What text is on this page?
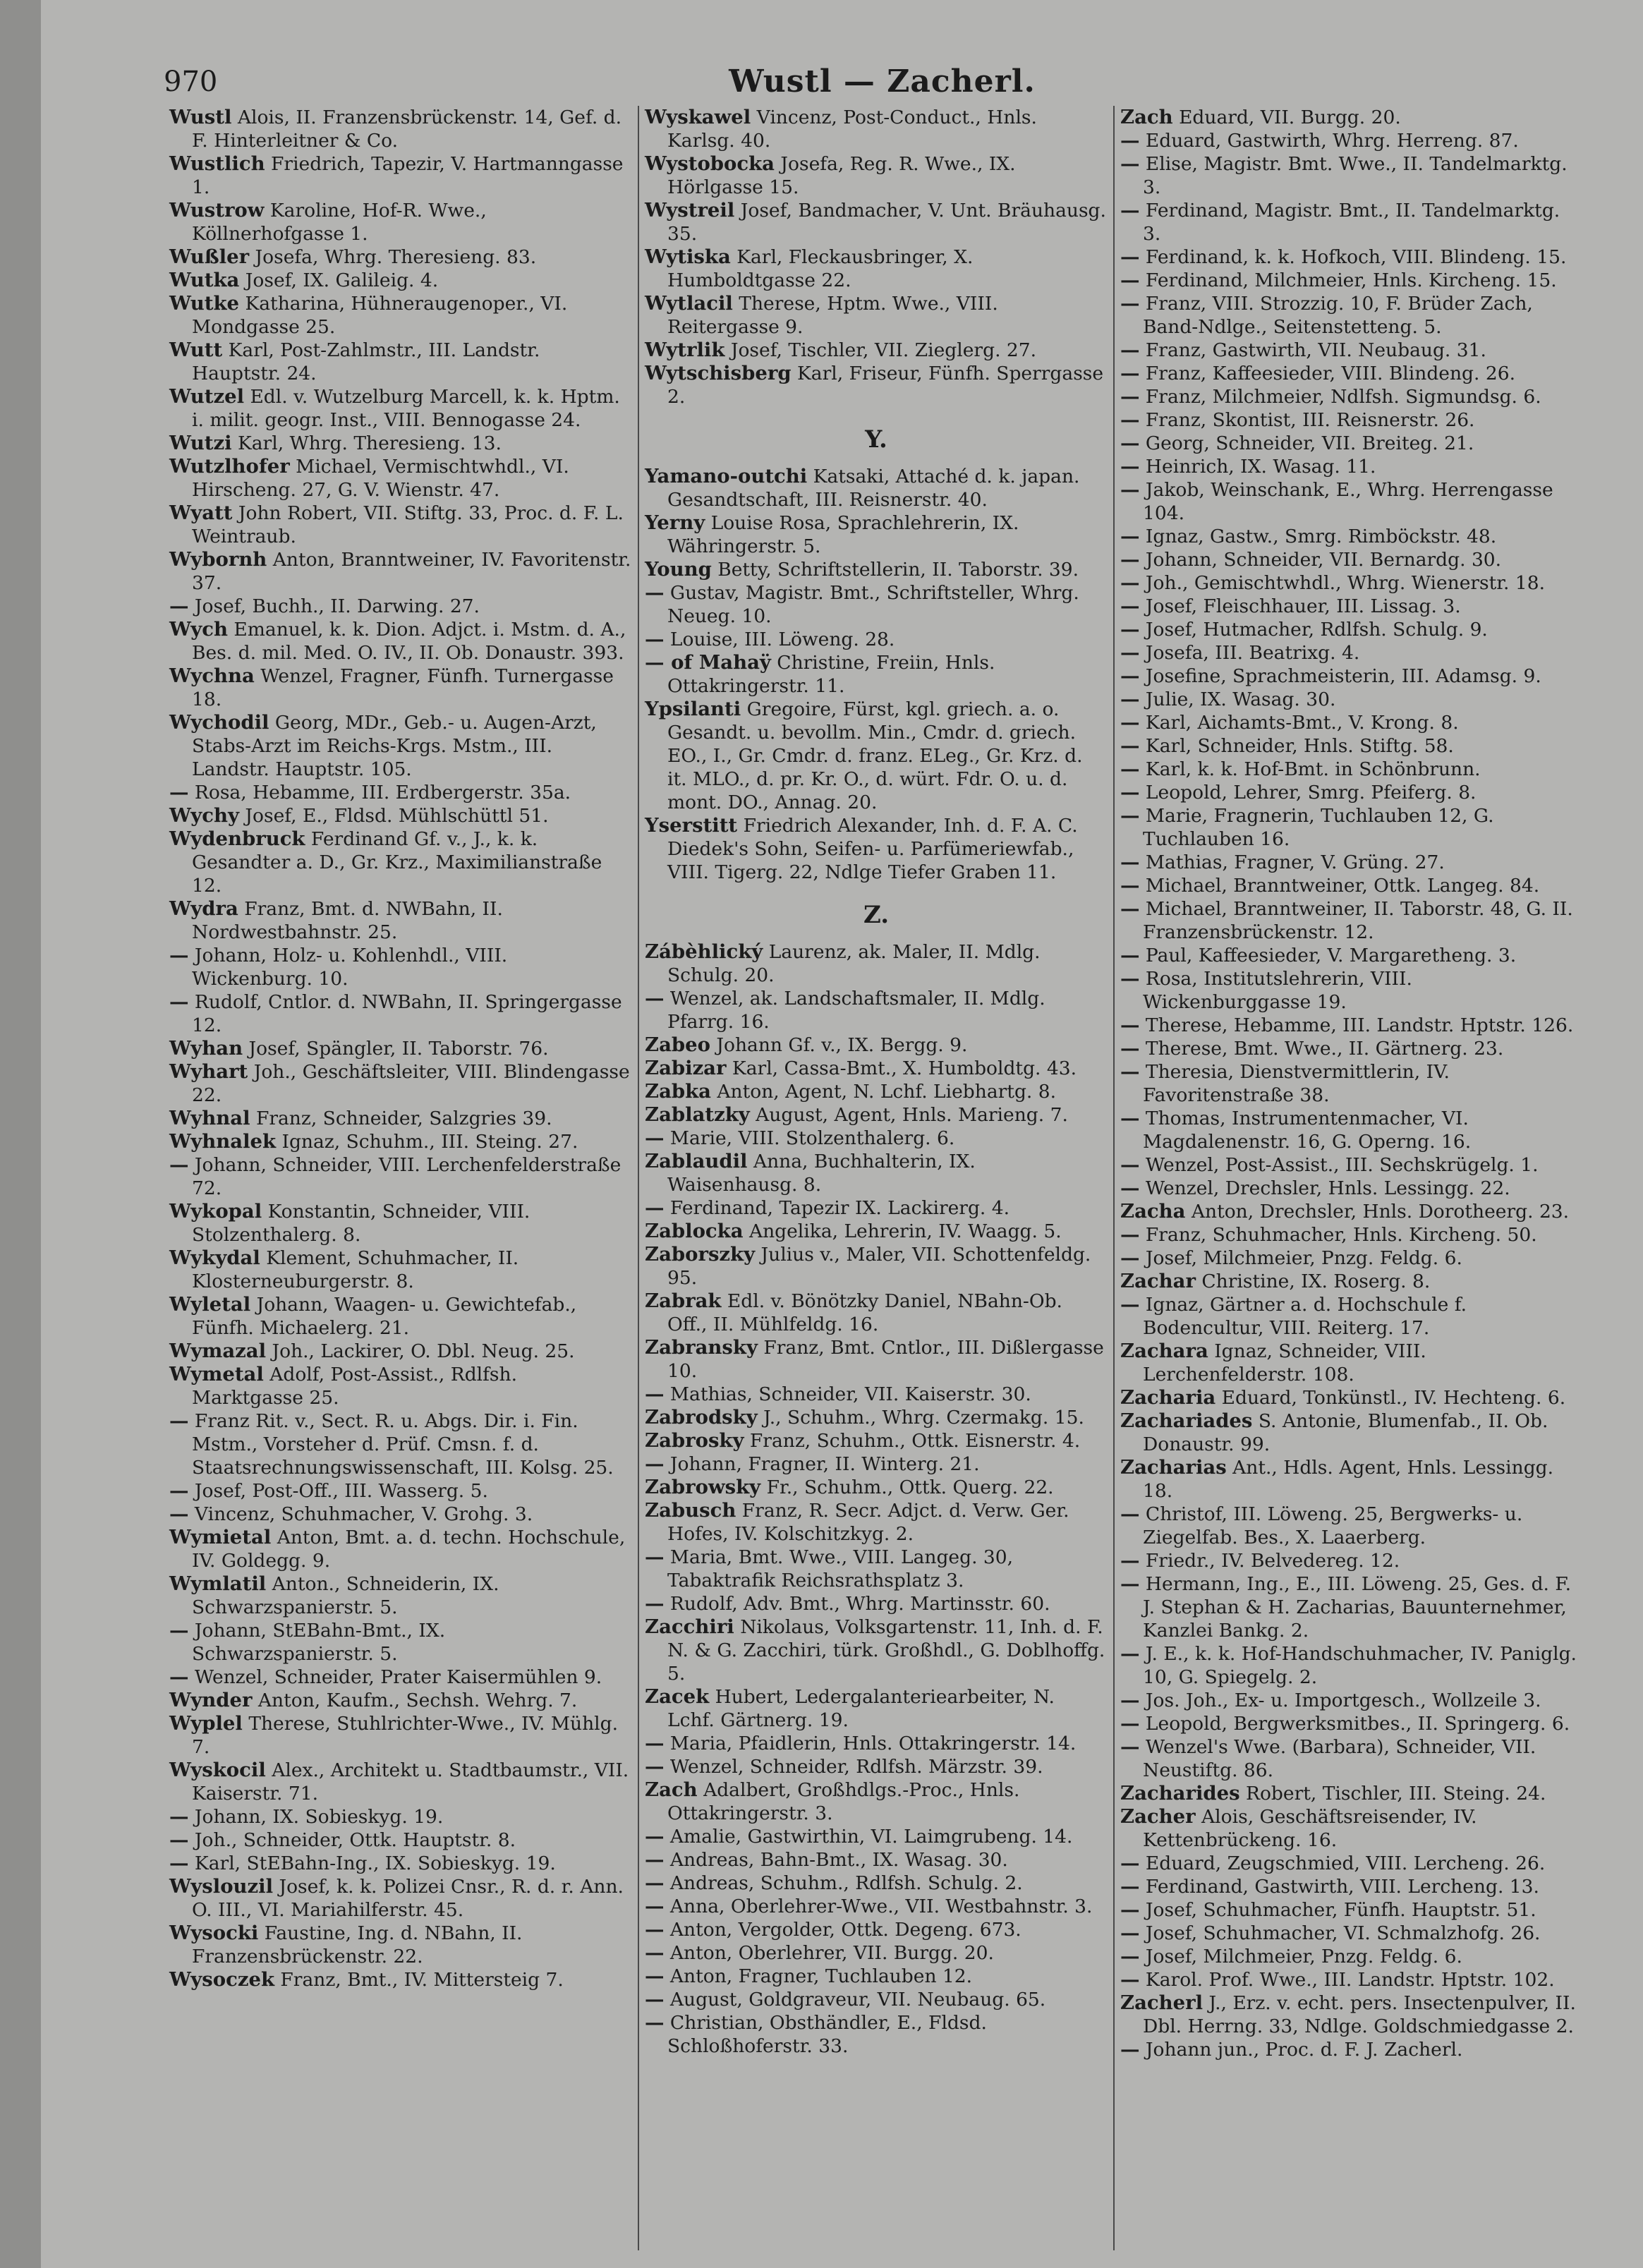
970	Wustl — Zacherl.

Wustl Alois, II. Franzensbrückenstr. 14, Gef. d. F. Hinterleitner & Co.

Wustlich Friedrich, Tapezir, V. Hartmanngasse 1.

Wustrow Karoline, Hof-R. Wwe., Köllnerhofgasse 1.

Wußler Josefa, Whrg. Theresieng. 83.

Wutka Josef, IX. Galileig. 4.

Wutke Katharina, Hühneraugenoper., VI. Mondgasse 25.

Wutt Karl, Post-Zahlmstr., III. Landstr. Hauptstr. 24.

Wutzel Edl. v. Wutzelburg Marcell, k. k. Hptm. i. milit. geogr. Inst., VIII. Bennogasse 24.

Wutzi Karl, Whrg. Theresieng. 13.

Wutzlhofer Michael, Vermischtwhdl., VI. Hirscheng. 27, G. V. Wienstr. 47.

Wyatt John Robert, VII. Stiftg. 33, Proc. d. F. L. Weintraub.

Wybornh Anton, Branntweiner, IV. Favoritenstr. 37.

— Josef, Buchh., II. Darwing. 27.

Wych Emanuel, k. k. Dion. Adjct. i. Mstm. d. A., Bes. d. mil. Med. O. IV., II. Ob. Donaustr. 393.

Wychna Wenzel, Fragner, Fünfh. Turnergasse 18.

Wychodil Georg, MDr., Geb.- u. Augen-Arzt, Stabs-Arzt im Reichs-Krgs. Mstm., III. Landstr. Hauptstr. 105.

— Rosa, Hebamme, III. Erdbergerstr. 35a.

Wychy Josef, E., Fldsd. Mühlschüttl 51.

Wydenbruck Ferdinand Gf. v., J., k. k. Gesandter a. D., Gr. Krz., Maximilianstraße 12.

Wydra Franz, Bmt. d. NWBahn, II. Nordwestbahnstr. 25.

— Johann, Holz- u. Kohlenhdl., VIII. Wickenburg. 10.

— Rudolf, Cntlor. d. NWBahn, II. Springergasse 12.

Wyhan Josef, Spängler, II. Taborstr. 76.

Wyhart Joh., Geschäftsleiter, VIII. Blindengasse 22.

Wyhnal Franz, Schneider, Salzgries 39.

Wyhnalek Ignaz, Schuhm., III. Steing. 27.

— Johann, Schneider, VIII. Lerchenfelderstraße 72.

Wykopal Konstantin, Schneider, VIII. Stolzenthalerg. 8.

Wykydal Klement, Schuhmacher, II. Klosterneuburgerstr. 8.

Wyletal Johann, Waagen- u. Gewichtefab., Fünfh. Michaelerg. 21.

Wymazal Joh., Lackirer, O. Dbl. Neug. 25.

Wymetal Adolf, Post-Assist., Rdlfsh. Marktgasse 25.

— Franz Rit. v., Sect. R. u. Abgs. Dir. i. Fin. Mstm., Vorsteher d. Prüf. Cmsn. f. d. Staatsrechnungswissenschaft, III. Kolsg. 25.

— Josef, Post-Off., III. Wasserg. 5.

— Vincenz, Schuhmacher, V. Grohg. 3.

Wymietal Anton, Bmt. a. d. techn. Hochschule, IV. Goldegg. 9.

Wymlatil Anton., Schneiderin, IX. Schwarzspanierstr. 5.

— Johann, StEBahn-Bmt., IX. Schwarzspanierstr. 5.

— Wenzel, Schneider, Prater Kaisermühlen 9.

Wynder Anton, Kaufm., Sechsh. Wehrg. 7.

Wyplel Therese, Stuhlrichter-Wwe., IV. Mühlg. 7.

Wyskocil Alex., Architekt u. Stadtbaumstr., VII. Kaiserstr. 71.

— Johann, IX. Sobieskyg. 19.

— Joh., Schneider, Ottk. Hauptstr. 8.

— Karl, StEBahn-Ing., IX. Sobieskyg. 19.

Wyslouzil Josef, k. k. Polizei Cnsr., R. d. r. Ann. O. III., VI. Mariahilferstr. 45.

Wysocki Faustine, Ing. d. NBahn, II. Franzensbrückenstr. 22.

Wysoczek Franz, Bmt., IV. Mittersteig 7.

Wyskawel Vincenz, Post-Conduct., Hnls. Karlsg. 40.

Wystobocka Josefa, Reg. R. Wwe., IX. Hörlgasse 15.

Wystreil Josef, Bandmacher, V. Unt. Bräuhausg. 35.

Wytiska Karl, Fleckausbringer, X. Humboldtgasse 22.

Wytlacil Therese, Hptm. Wwe., VIII. Reitergasse 9.

Wytrlik Josef, Tischler, VII. Zieglerg. 27.

Wytschisberg Karl, Friseur, Fünfh. Sperrgasse 2.

Y.

Yamano-outchi Katsaki, Attaché d. k. japan. Gesandtschaft, III. Reisnerstr. 40.

Yerny Louise Rosa, Sprachlehrerin, IX. Währingerstr. 5.

Young Betty, Schriftstellerin, II. Taborstr. 39.

— Gustav, Magistr. Bmt., Schriftsteller, Whrg. Neueg. 10.

— Louise, III. Löweng. 28.

— of Mahaÿ Christine, Freiin, Hnls. Ottakringerstr. 11.

Ypsilanti Gregoire, Fürst, kgl. griech. a. o. Gesandt. u. bevollm. Min., Cmdr. d. griech. EO., I., Gr. Cmdr. d. franz. ELeg., Gr. Krz. d. it. MLO., d. pr. Kr. O., d. würt. Fdr. O. u. d. mont. DO., Annag. 20.

Yserstitt Friedrich Alexander, Inh. d. F. A. C. Diedek's Sohn, Seifen- u. Parfümeriewfab., VIII. Tigerg. 22, Ndlge Tiefer Graben 11.

Z.

Zábèhlický Laurenz, ak. Maler, II. Mdlg. Schulg. 20.

— Wenzel, ak. Landschaftsmaler, II. Mdlg. Pfarrg. 16.

Zabeo Johann Gf. v., IX. Bergg. 9.

Zabizar Karl, Cassa-Bmt., X. Humboldtg. 43.

Zabka Anton, Agent, N. Lchf. Liebhartg. 8.

Zablatzky August, Agent, Hnls. Marieng. 7.

— Marie, VIII. Stolzenthalerg. 6.

Zablaudil Anna, Buchhalterin, IX. Waisenhausg. 8.

— Ferdinand, Tapezir IX. Lackirerg. 4.

Zablocka Angelika, Lehrerin, IV. Waagg. 5.

Zaborszky Julius v., Maler, VII. Schottenfeldg. 95.

Zabrak Edl. v. Bönötzky Daniel, NBahn-Ob. Off., II. Mühlfeldg. 16.

Zabransky Franz, Bmt. Cntlor., III. Dißlergasse 10.

— Mathias, Schneider, VII. Kaiserstr. 30.

Zabrodsky J., Schuhm., Whrg. Czermakg. 15.

Zabrosky Franz, Schuhm., Ottk. Eisnerstr. 4.

— Johann, Fragner, II. Winterg. 21.

Zabrowsky Fr., Schuhm., Ottk. Querg. 22.

Zabusch Franz, R. Secr. Adjct. d. Verw. Ger. Hofes, IV. Kolschitzkyg. 2.

— Maria, Bmt. Wwe., VIII. Langeg. 30, Tabaktrafik Reichsrathsplatz 3.

— Rudolf, Adv. Bmt., Whrg. Martinsstr. 60.

Zacchiri Nikolaus, Volksgartenstr. 11, Inh. d. F. N. & G. Zacchiri, türk. Großhdl., G. Doblhoffg. 5.

Zacek Hubert, Ledergalanteriearbeiter, N. Lchf. Gärtnerg. 19.

— Maria, Pfaidlerin, Hnls. Ottakringerstr. 14.

— Wenzel, Schneider, Rdlfsh. Märzstr. 39.

Zach Adalbert, Großhdlgs.-Proc., Hnls. Ottakringerstr. 3.

— Amalie, Gastwirthin, VI. Laimgrubeng. 14.

— Andreas, Bahn-Bmt., IX. Wasag. 30.

— Andreas, Schuhm., Rdlfsh. Schulg. 2.

— Anna, Oberlehrer-Wwe., VII. Westbahnstr. 3.

— Anton, Vergolder, Ottk. Degeng. 673.

— Anton, Oberlehrer, VII. Burgg. 20.

— Anton, Fragner, Tuchlauben 12.

— August, Goldgraveur, VII. Neubaug. 65.

— Christian, Obsthändler, E., Fldsd. Schloßhoferstr. 33.

Zach Eduard, VII. Burgg. 20.

— Eduard, Gastwirth, Whrg. Herreng. 87.

— Elise, Magistr. Bmt. Wwe., II. Tandelmarktg. 3.

— Ferdinand, Magistr. Bmt., II. Tandelmarktg. 3.

— Ferdinand, k. k. Hofkoch, VIII. Blindeng. 15.

— Ferdinand, Milchmeier, Hnls. Kircheng. 15.

— Franz, VIII. Strozzig. 10, F. Brüder Zach, Band-Ndlge., Seitenstetteng. 5.

— Franz, Gastwirth, VII. Neubaug. 31.

— Franz, Kaffeesieder, VIII. Blindeng. 26.

— Franz, Milchmeier, Ndlfsh. Sigmundsg. 6.

— Franz, Skontist, III. Reisnerstr. 26.

— Georg, Schneider, VII. Breiteg. 21.

— Heinrich, IX. Wasag. 11.

— Jakob, Weinschank, E., Whrg. Herrengasse 104.

— Ignaz, Gastw., Smrg. Rimböckstr. 48.

— Johann, Schneider, VII. Bernardg. 30.

— Joh., Gemischtwhdl., Whrg. Wienerstr. 18.

— Josef, Fleischhauer, III. Lissag. 3.

— Josef, Hutmacher, Rdlfsh. Schulg. 9.

— Josefa, III. Beatrixg. 4.

— Josefine, Sprachmeisterin, III. Adamsg. 9.

— Julie, IX. Wasag. 30.

— Karl, Aichamts-Bmt., V. Krong. 8.

— Karl, Schneider, Hnls. Stiftg. 58.

— Karl, k. k. Hof-Bmt. in Schönbrunn.

— Leopold, Lehrer, Smrg. Pfeiferg. 8.

— Marie, Fragnerin, Tuchlauben 12, G. Tuchlauben 16.

— Mathias, Fragner, V. Grüng. 27.

— Michael, Branntweiner, Ottk. Langeg. 84.

— Michael, Branntweiner, II. Taborstr. 48, G. II. Franzensbrückenstr. 12.

— Paul, Kaffeesieder, V. Margaretheng. 3.

— Rosa, Institutslehrerin, VIII. Wickenburggasse 19.

— Therese, Hebamme, III. Landstr. Hptstr. 126.

— Therese, Bmt. Wwe., II. Gärtnerg. 23.

— Theresia, Dienstvermittlerin, IV. Favoritenstraße 38.

— Thomas, Instrumentenmacher, VI. Magdalenenstr. 16, G. Operng. 16.

— Wenzel, Post-Assist., III. Sechskrügelg. 1.

— Wenzel, Drechsler, Hnls. Lessingg. 22.

Zacha Anton, Drechsler, Hnls. Dorotheerg. 23.

— Franz, Schuhmacher, Hnls. Kircheng. 50.

— Josef, Milchmeier, Pnzg. Feldg. 6.

Zachar Christine, IX. Roserg. 8.

— Ignaz, Gärtner a. d. Hochschule f. Bodencultur, VIII. Reiterg. 17.

Zachara Ignaz, Schneider, VIII. Lerchenfelderstr. 108.

Zacharia Eduard, Tonkünstl., IV. Hechteng. 6.

Zachariades S. Antonie, Blumenfab., II. Ob. Donaustr. 99.

Zacharias Ant., Hdls. Agent, Hnls. Lessingg. 18.

— Christof, III. Löweng. 25, Bergwerks- u. Ziegelfab. Bes., X. Laaerberg.

— Friedr., IV. Belvedereg. 12.

— Hermann, Ing., E., III. Löweng. 25, Ges. d. F. J. Stephan & H. Zacharias, Bauunternehmer, Kanzlei Bankg. 2.

— J. E., k. k. Hof-Handschuhmacher, IV. Paniglg. 10, G. Spiegelg. 2.

— Jos. Joh., Ex- u. Importgesch., Wollzeile 3.

— Leopold, Bergwerksmitbes., II. Springerg. 6.

— Wenzel's Wwe. (Barbara), Schneider, VII. Neustiftg. 86.

Zacharides Robert, Tischler, III. Steing. 24.

Zacher Alois, Geschäftsreisender, IV. Kettenbrückeng. 16.

— Eduard, Zeugschmied, VIII. Lercheng. 26.

— Ferdinand, Gastwirth, VIII. Lercheng. 13.

— Josef, Schuhmacher, Fünfh. Hauptstr. 51.

— Josef, Schuhmacher, VI. Schmalzhofg. 26.

— Josef, Milchmeier, Pnzg. Feldg. 6.

— Karol. Prof. Wwe., III. Landstr. Hptstr. 102.

Zacherl J., Erz. v. echt. pers. Insectenpulver, II. Dbl. Herrng. 33, Ndlge. Goldschmiedgasse 2.

— Johann jun., Proc. d. F. J. Zacherl.
